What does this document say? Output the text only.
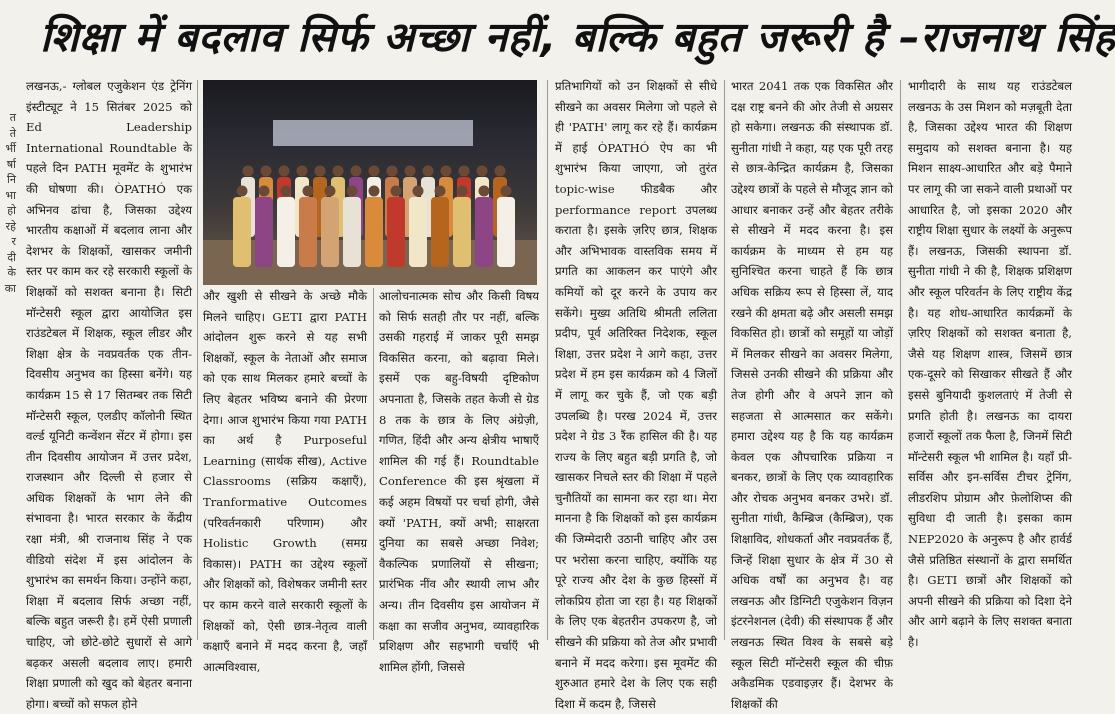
शिक्षा में बदलाव सिर्फ अच्छा नहीं, बल्कि बहुत जरूरी है –राजनाथ सिंह
त ते र्भी र्षा नि भा हो रहे र दी के का

लखनऊ,- ग्लोबल एजुकेशन एंड ट्रेनिंग इंस्टीट्यूट ने 15 सितंबर 2025 को Ed Leadership International Roundtable के पहले दिन PATH मूवमेंट के शुभारंभ की घोषणा की। ÒPATHÓ एक अभिनव ढांचा है, जिसका उद्देश्य भारतीय कक्षाओं में बदलाव लाना और देशभर के शिक्षकों, खासकर जमीनी स्तर पर काम कर रहे सरकारी स्कूलों के शिक्षकों को सशक्त बनाना है। सिटी मॉन्टेसरी स्कूल द्वारा आयोजित इस राउंडटेबल में शिक्षक, स्कूल लीडर और शिक्षा क्षेत्र के नवप्रवर्तक एक तीन-दिवसीय अनुभव का हिस्सा बनेंगे। यह कार्यक्रम 15 से 17 सितम्बर तक सिटी मॉन्टेसरी स्कूल, एलडीए कॉलोनी स्थित वर्ल्ड यूनिटी कन्वेंशन सेंटर में होगा। इस तीन दिवसीय आयोजन में उत्तर प्रदेश, राजस्थान और दिल्ली से हजार से अधिक शिक्षकों के भाग लेने की संभावना है। भारत सरकार के केंद्रीय रक्षा मंत्री, श्री राजनाथ सिंह ने एक वीडियो संदेश में इस आंदोलन के शुभारंभ का समर्थन किया। उन्होंने कहा, शिक्षा में बदलाव सिर्फ अच्छा नहीं, बल्कि बहुत जरूरी है। हमें ऐसी प्रणाली चाहिए, जो छोटे-छोटे सुधारों से आगे बढ़कर असली बदलाव लाए। हमारी शिक्षा प्रणाली को खुद को बेहतर बनाना होगा। बच्चों को सफल होने

और खुशी से सीखने के अच्छे मौके मिलने चाहिए। GETI द्वारा PATH आंदोलन शुरू करने से यह सभी शिक्षकों, स्कूल के नेताओं और समाज को एक साथ मिलकर हमारे बच्चों के लिए बेहतर भविष्य बनाने की प्रेरणा देगा। आज शुभारंभ किया गया PATH का अर्थ है Purposeful Learning (सार्थक सीख), Active Classrooms (सक्रिय कक्षाएँ), Tranformative Outcomes (परिवर्तनकारी परिणाम) और Holistic Growth (समग्र विकास)। PATH का उद्देश्य स्कूलों और शिक्षकों को, विशेषकर जमीनी स्तर पर काम करने वाले सरकारी स्कूलों के शिक्षकों को, ऐसी छात्र-नेतृत्व वाली कक्षाएँ बनाने में मदद करना है, जहाँ आत्मविश्वास,

आलोचनात्मक सोच और किसी विषय को सिर्फ सतही तौर पर नहीं, बल्कि उसकी गहराई में जाकर पूरी समझ विकसित करना, को बढ़ावा मिले। इसमें एक बहु-विषयी दृष्टिकोण अपनाता है, जिसके तहत केजी से ग्रेड 8 तक के छात्र के लिए अंग्रेज़ी, गणित, हिंदी और अन्य क्षेत्रीय भाषाएँ शामिल की गई हैं। Roundtable Conference की इस श्रृंखला में कई अहम विषयों पर चर्चा होगी, जैसे क्यों 'PATH, क्यों अभी; साक्षरता दुनिया का सबसे अच्छा निवेश; वैकल्पिक प्रणालियों से सीखना; प्रारंभिक नींव और स्थायी लाभ और अन्य। तीन दिवसीय इस आयोजन में कक्षा का सजीव अनुभव, व्यावहारिक प्रशिक्षण और सहभागी चर्चाएँ भी शामिल होंगी, जिससे

प्रतिभागियों को उन शिक्षकों से सीधे सीखने का अवसर मिलेगा जो पहले से ही 'PATH' लागू कर रहे हैं। कार्यक्रम में हाई ÒPATHÓ ऐप का भी शुभारंभ किया जाएगा, जो तुरंत topic-wise फीडबैक और performance report उपलब्ध कराता है। इसके ज़रिए छात्र, शिक्षक और अभिभावक वास्तविक समय में प्रगति का आकलन कर पाएंगे और कमियों को दूर करने के उपाय कर सकेंगे। मुख्य अतिथि श्रीमती ललिता प्रदीप, पूर्व अतिरिक्त निदेशक, स्कूल शिक्षा, उत्तर प्रदेश ने आगे कहा, उत्तर प्रदेश में हम इस कार्यक्रम को 4 जिलों में लागू कर चुके हैं, जो एक बड़ी उपलब्धि है। परख 2024 में, उत्तर प्रदेश ने ग्रेड 3 रैंक हासिल की है। यह राज्य के लिए बहुत बड़ी प्रगति है, जो खासकर निचले स्तर की शिक्षा में पहले चुनौतियों का सामना कर रहा था। मेरा मानना है कि शिक्षकों को इस कार्यक्रम की जिम्मेदारी उठानी चाहिए और उस पर भरोसा करना चाहिए, क्योंकि यह पूरे राज्य और देश के कुछ हिस्सों में लोकप्रिय होता जा रहा है। यह शिक्षकों के लिए एक बेहतरीन उपकरण है, जो सीखने की प्रक्रिया को तेज और प्रभावी बनाने में मदद करेगा। इस मूवमेंट की शुरुआत हमारे देश के लिए एक सही दिशा में कदम है, जिससे

भारत 2041 तक एक विकसित और दक्ष राष्ट्र बनने की ओर तेजी से अग्रसर हो सकेगा। लखनऊ की संस्थापक डॉ. सुनीता गांधी ने कहा, यह एक पूरी तरह से छात्र-केन्द्रित कार्यक्रम है, जिसका उद्देश्य छात्रों के पहले से मौजूद ज्ञान को आधार बनाकर उन्हें और बेहतर तरीके से सीखने में मदद करना है। इस कार्यक्रम के माध्यम से हम यह सुनिश्चित करना चाहते हैं कि छात्र अधिक सक्रिय रूप से हिस्सा लें, याद रखने की क्षमता बढ़े और असली समझ विकसित हो। छात्रों को समूहों या जोड़ों में मिलकर सीखने का अवसर मिलेगा, जिससे उनकी सीखने की प्रक्रिया और तेज होगी और वे अपने ज्ञान को सहजता से आत्मसात कर सकेंगे। हमारा उद्देश्य यह है कि यह कार्यक्रम केवल एक औपचारिक प्रक्रिया न बनकर, छात्रों के लिए एक व्यावहारिक और रोचक अनुभव बनकर उभरे। डॉ. सुनीता गांधी, कैम्ब्रिज (कैम्ब्रिज), एक शिक्षाविद, शोधकर्ता और नवप्रवर्तक हैं, जिन्हें शिक्षा सुधार के क्षेत्र में 30 से अधिक वर्षों का अनुभव है। वह लखनऊ और डिग्निटी एजुकेशन विज़न इंटरनेशनल (देवी) की संस्थापक हैं और लखनऊ स्थित विश्व के सबसे बड़े स्कूल सिटी मॉन्टेसरी स्कूल की चीफ़ अकैडमिक एडवाइज़र हैं। देशभर के शिक्षकों की

भागीदारी के साथ यह राउंडटेबल लखनऊ के उस मिशन को मज़बूती देता है, जिसका उद्देश्य भारत की शिक्षण समुदाय को सशक्त बनाना है। यह मिशन साक्ष्य-आधारित और बड़े पैमाने पर लागू की जा सकने वाली प्रथाओं पर आधारित है, जो इसका 2020 और राष्ट्रीय शिक्षा सुधार के लक्ष्यों के अनुरूप हैं। लखनऊ, जिसकी स्थापना डॉ. सुनीता गांधी ने की है, शिक्षक प्रशिक्षण और स्कूल परिवर्तन के लिए राष्ट्रीय केंद्र है। यह शोध-आधारित कार्यक्रमों के ज़रिए शिक्षकों को सशक्त बनाता है, जैसे यह शिक्षण शास्त्र, जिसमें छात्र एक-दूसरे को सिखाकर सीखते हैं और इससे बुनियादी कुशलताएं में तेजी से प्रगति होती है। लखनऊ का दायरा हजारों स्कूलों तक फैला है, जिनमें सिटी मॉन्टेसरी स्कूल भी शामिल है। यहाँ प्री-सर्विस और इन-सर्विस टीचर ट्रेनिंग, लीडरशिप प्रोग्राम और फ़ेलोशिप्स की सुविधा दी जाती है। इसका काम NEP2020 के अनुरूप है और हार्वर्ड जैसे प्रतिष्ठित संस्थानों के द्वारा समर्थित है। GETI छात्रों और शिक्षकों को अपनी सीखने की प्रक्रिया को दिशा देने और आगे बढ़ाने के लिए सशक्त बनाता है।
